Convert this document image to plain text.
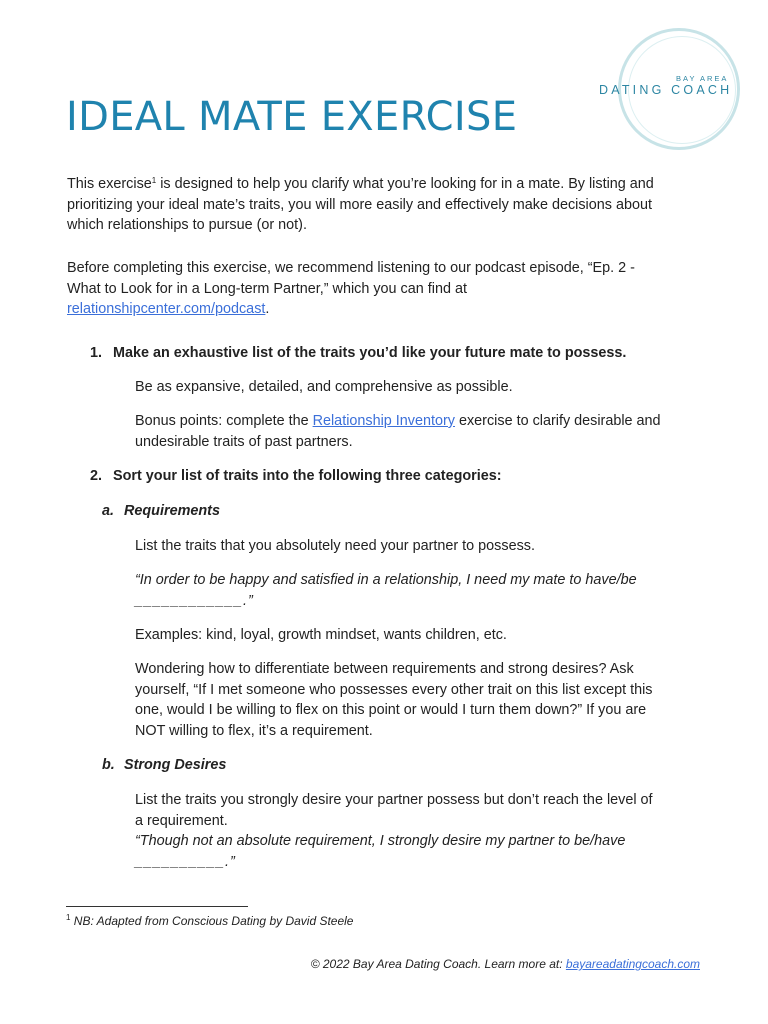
BAY AREA
DATING COACH
IDEAL MATE EXERCISE
This exercise$^1$ is designed to help you clarify what you’re looking for in a mate. By listing and
prioritizing your ideal mate’s traits, you will more easily and effectively make decisions about
which relationships to pursue (or not).
Before completing this exercise, we recommend listening to our podcast episode, “Ep. 2 -
What to Look for in a Long-term Partner,” which you can find at
relationshipcenter.com/podcast.
1. Make an exhaustive list of the traits you’d like your future mate to possess.
Be as expansive, detailed, and comprehensive as possible.
Bonus points: complete the Relationship Inventory exercise to clarify desirable and
undesirable traits of past partners.
2. Sort your list of traits into the following three categories:
a. Requirements
List the traits that you absolutely need your partner to possess.
“In order to be happy and satisfied in a relationship, I need my mate to have/be
____________.”
Examples: kind, loyal, growth mindset, wants children, etc.
Wondering how to differentiate between requirements and strong desires? Ask
yourself, “If I met someone who possesses every other trait on this list except this
one, would I be willing to flex on this point or would I turn them down?” If you are
NOT willing to flex, it’s a requirement.
b. Strong Desires
List the traits you strongly desire your partner possess but don’t reach the level of
a requirement.
“Though not an absolute requirement, I strongly desire my partner to be/have
__________.”
$^1$ NB: Adapted from Conscious Dating by David Steele
© 2022 Bay Area Dating Coach. Learn more at: bayareadatingcoach.com
